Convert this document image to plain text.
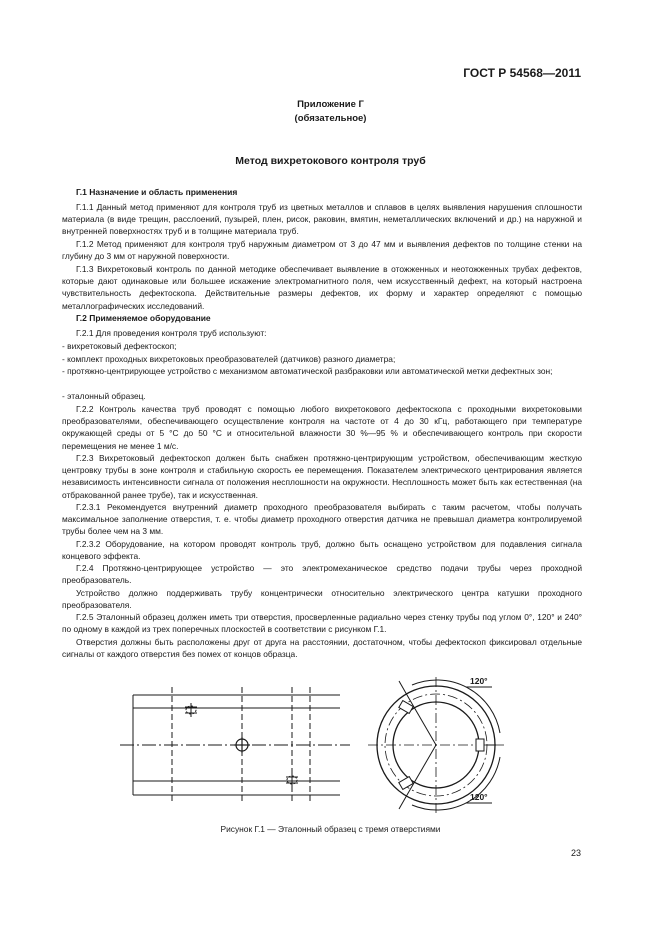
ГОСТ Р 54568—2011
Приложение Г
(обязательное)
Метод вихретокового контроля труб
Г.1 Назначение и область применения

Г.1.1 Данный метод применяют для контроля труб из цветных металлов и сплавов в целях выявления нарушения сплошности материала (в виде трещин, расслоений, пузырей, плен, рисок, раковин, вмятин, неметаллических включений и др.) на наружной и внутренней поверхностях труб и в толщине материала труб.

Г.1.2 Метод применяют для контроля труб наружным диаметром от 3 до 47 мм и выявления дефектов по толщине стенки на глубину до 3 мм от наружной поверхности.

Г.1.3 Вихретоковый контроль по данной методике обеспечивает выявление в отожженных и неотожженных трубах дефектов, которые дают одинаковые или большее искажение электромагнитного поля, чем искусственный дефект, на который настроена чувствительность дефектоскопа. Действительные размеры дефектов, их форму и характер определяют с помощью металлографических исследований.

Г.2 Применяемое оборудование

Г.2.1 Для проведения контроля труб используют:

- вихретоковый дефектоскоп;

- комплект проходных вихретоковых преобразователей (датчиков) разного диаметра;

- протяжно-центрирующее устройство с механизмом автоматической разбраковки или автоматической метки дефектных зон;

- эталонный образец.

Г.2.2 Контроль качества труб проводят с помощью любого вихретокового дефектоскопа с проходными вихретоковыми преобразователями, обеспечивающего осуществление контроля на частоте от 4 до 30 кГц, работающего при температуре окружающей среды от 5 °С до 50 °С и относительной влажности 30 %—95 % и обеспечивающего контроль при скорости перемещения не менее 1 м/с.

Г.2.3 Вихретоковый дефектоскоп должен быть снабжен протяжно-центрирующим устройством, обеспечивающим жесткую центровку трубы в зоне контроля и стабильную скорость ее перемещения. Показателем электрического центрирования является независимость интенсивности сигнала от положения несплошности на окружности. Несплошность может быть как естественная (на отбракованной ранее трубе), так и искусственная.

Г.2.3.1 Рекомендуется внутренний диаметр проходного преобразователя выбирать с таким расчетом, чтобы получать максимальное заполнение отверстия, т. е. чтобы диаметр проходного отверстия датчика не превышал диаметра контролируемой трубы более чем на 3 мм.

Г.2.3.2 Оборудование, на котором проводят контроль труб, должно быть оснащено устройством для подавления сигнала концевого эффекта.

Г.2.4 Протяжно-центрирующее устройство — это электромеханическое средство подачи трубы через проходной преобразователь.

Устройство должно поддерживать трубу концентрически относительно электрического центра катушки проходного преобразователя.

Г.2.5 Эталонный образец должен иметь три отверстия, просверленные радиально через стенку трубы под углом 0°, 120° и 240° по одному в каждой из трех поперечных плоскостей в соответствии с рисунком Г.1.

Отверстия должны быть расположены друг от друга на расстоянии, достаточном, чтобы дефектоскоп фиксировал отдельные сигналы от каждого отверстия без помех от концов образца.

120°
120°
Рисунок Г.1 — Эталонный образец с тремя отверстиями
23
